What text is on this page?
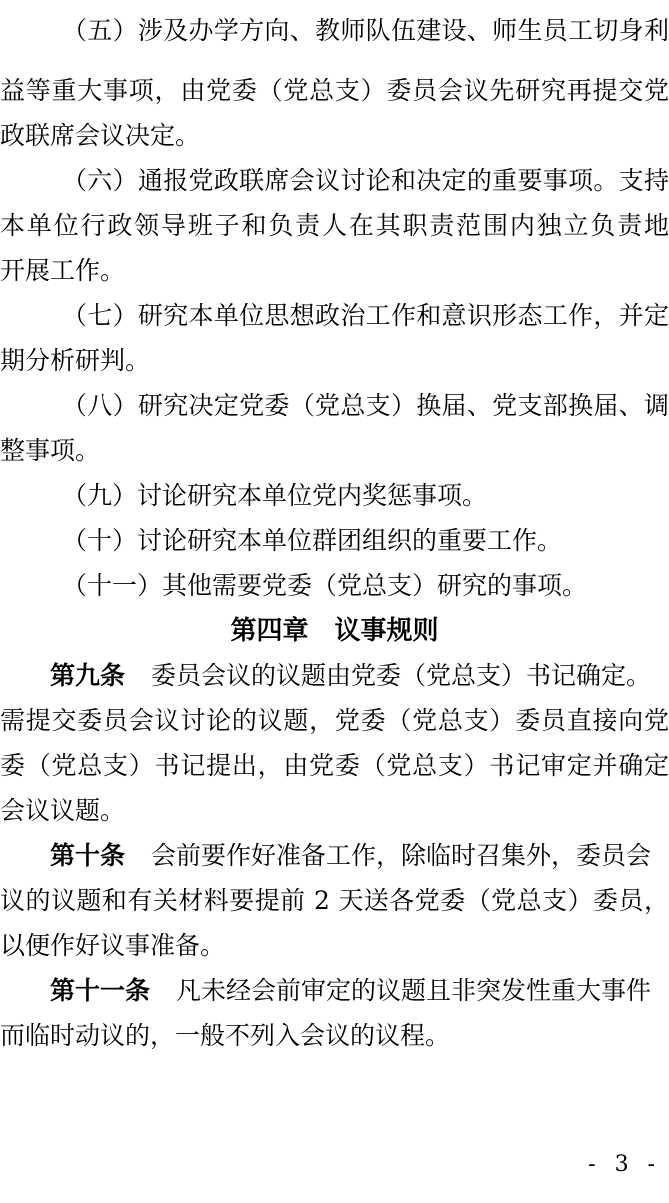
（五）涉及办学方向、教师队伍建设、师生员工切身利
益等重大事项，由党委（党总支）委员会议先研究再提交党
政联席会议决定。
（六）通报党政联席会议讨论和决定的重要事项。支持
本单位行政领导班子和负责人在其职责范围内独立负责地
开展工作。
（七）研究本单位思想政治工作和意识形态工作，并定
期分析研判。
（八）研究决定党委（党总支）换届、党支部换届、调
整事项。
（九）讨论研究本单位党内奖惩事项。
（十）讨论研究本单位群团组织的重要工作。
（十一）其他需要党委（党总支）研究的事项。
第四章　议事规则
第九条 委员会议的议题由党委（党总支）书记确定。
需提交委员会议讨论的议题，党委（党总支）委员直接向党
委（党总支）书记提出，由党委（党总支）书记审定并确定
会议议题。
第十条 会前要作好准备工作，除临时召集外，委员会
议的议题和有关材料要提前 2 天送各党委（党总支）委员，
以便作好议事准备。
第十一条 凡未经会前审定的议题且非突发性重大事件
而临时动议的，一般不列入会议的议程。
- 3 -
